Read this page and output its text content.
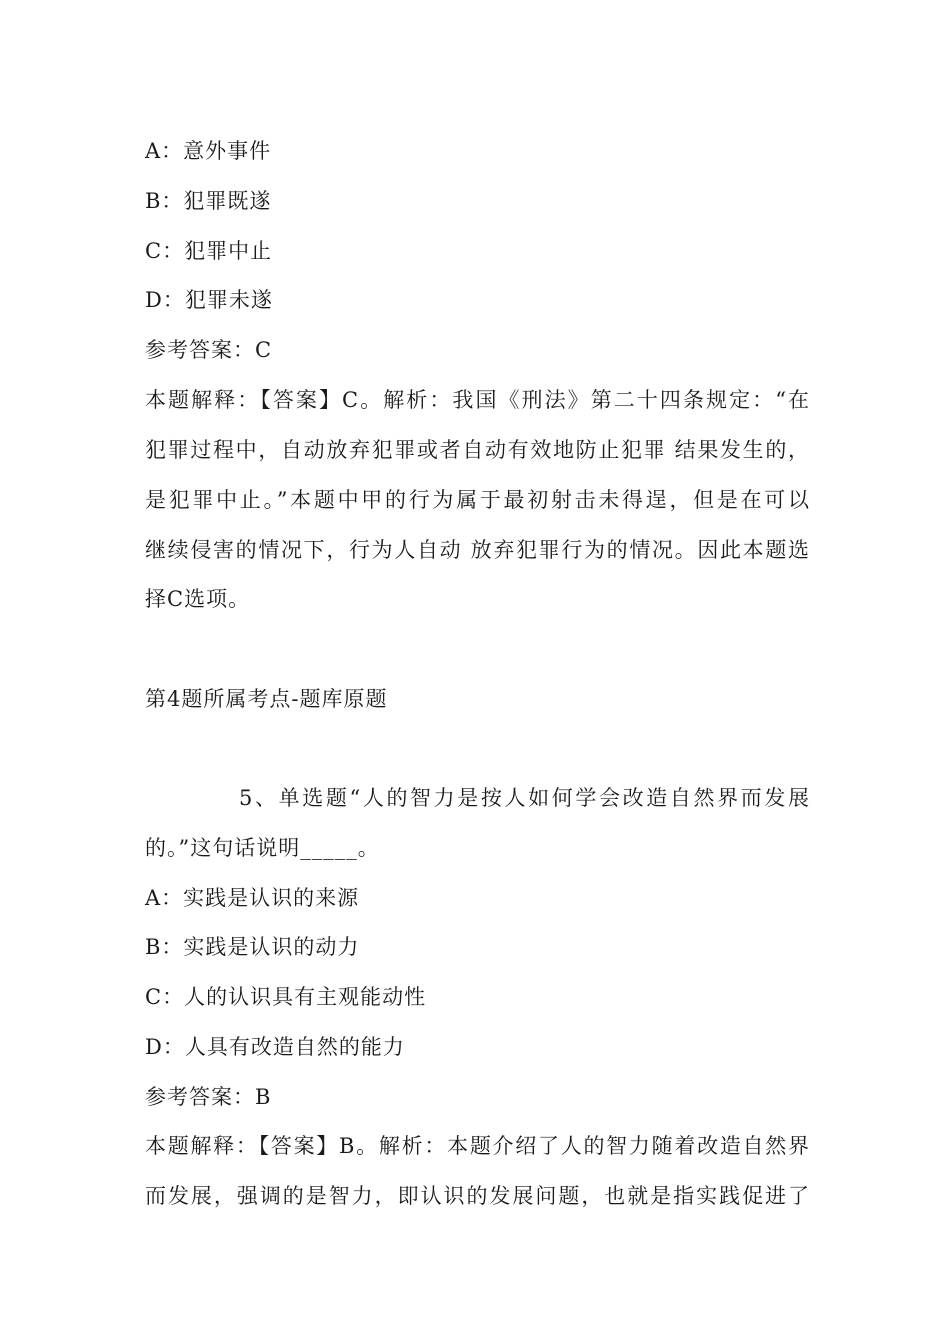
A：意外事件
B：犯罪既遂
C：犯罪中止
D：犯罪未遂
参考答案：C
本题解释：【答案】C。解析：我国《刑法》第二十四条规定：“在
犯罪过程中，自动放弃犯罪或者自动有效地防止犯罪 结果发生的，
是犯罪中止。”本题中甲的行为属于最初射击未得逞，但是在可以
继续侵害的情况下，行为人自动 放弃犯罪行为的情况。因此本题选
择C选项。
第4题所属考点-题库原题
5、单选题“人的智力是按人如何学会改造自然界而发展
的。”这句话说明_____。
A：实践是认识的来源
B：实践是认识的动力
C：人的认识具有主观能动性
D：人具有改造自然的能力
参考答案：B
本题解释：【答案】B。解析：本题介绍了人的智力随着改造自然界
而发展，强调的是智力，即认识的发展问题，也就是指实践促进了
